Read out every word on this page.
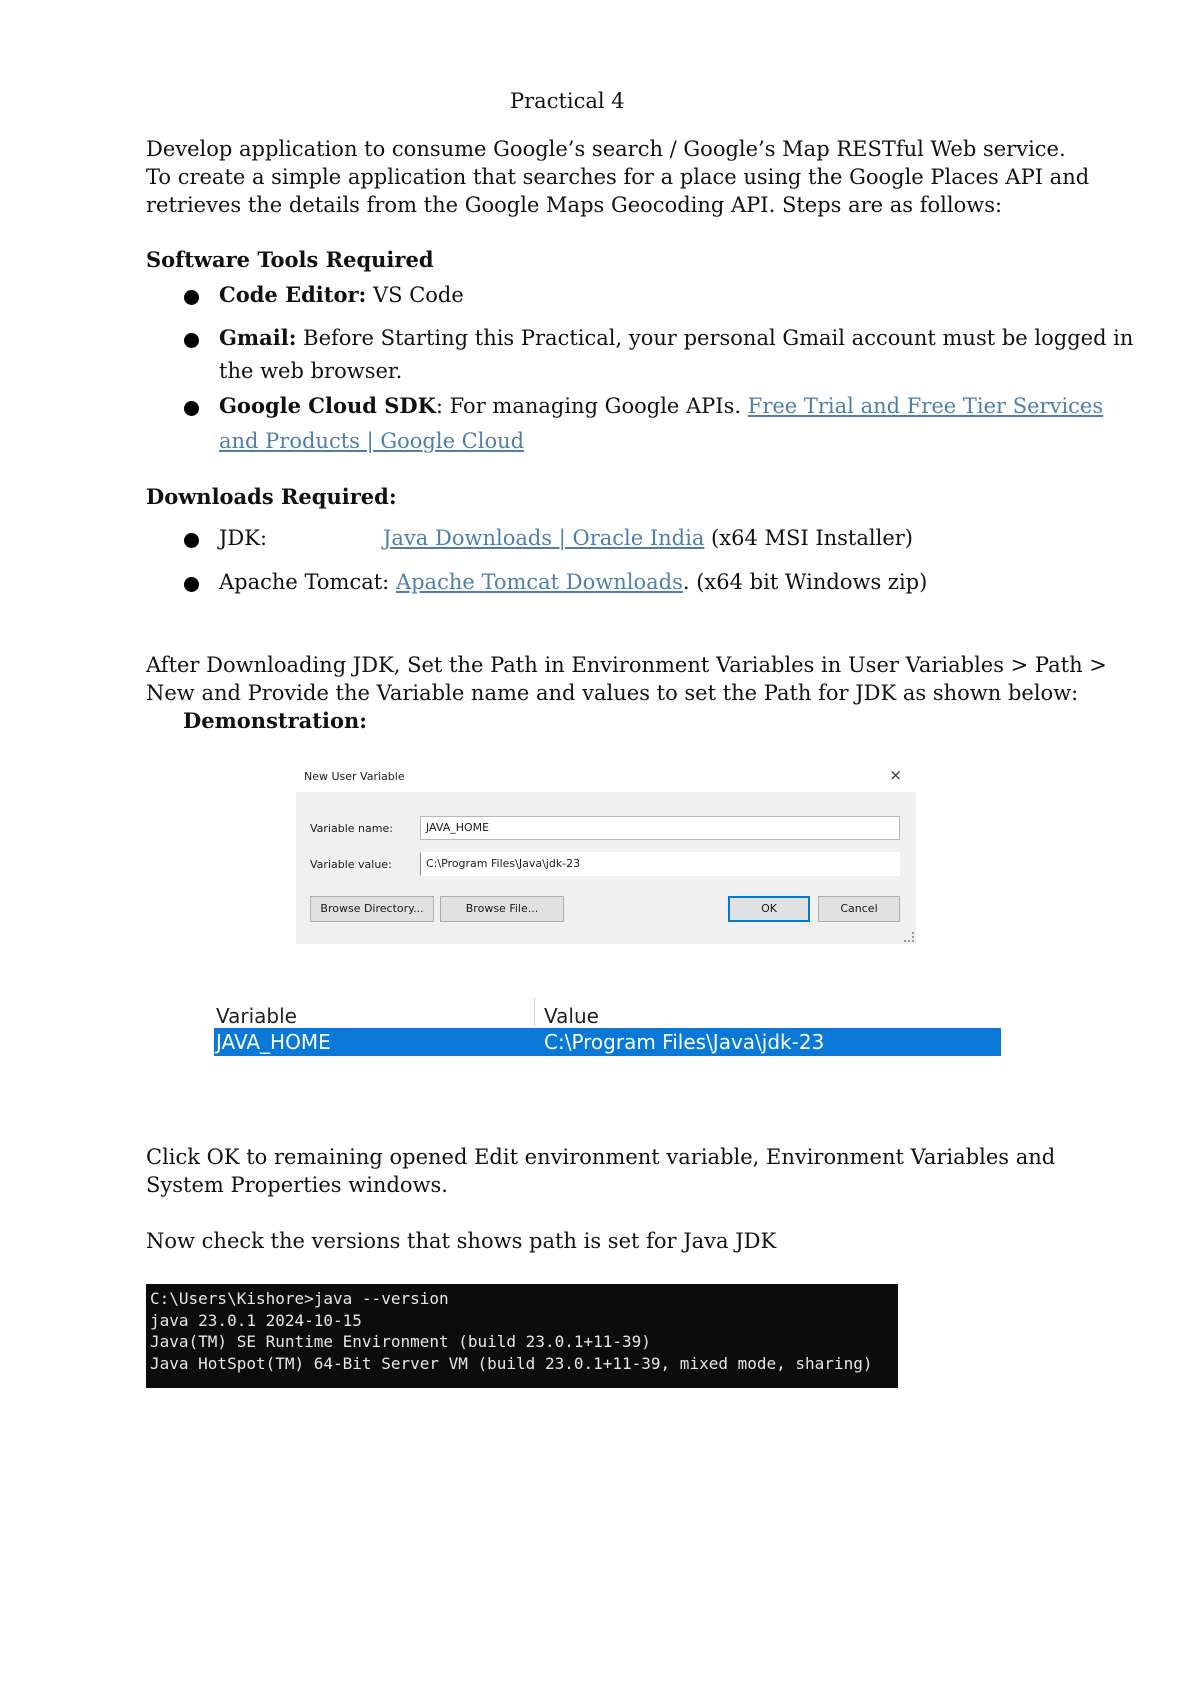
Practical 4
Develop application to consume Google’s search / Google’s Map RESTful Web service.
To create a simple application that searches for a place using the Google Places API and
retrieves the details from the Google Maps Geocoding API. Steps are as follows:
Software Tools Required
Code Editor: VS Code
Gmail: Before Starting this Practical, your personal Gmail account must be logged in
the web browser.
Google Cloud SDK: For managing Google APIs. Free Trial and Free Tier Services
and Products | Google Cloud
Downloads Required:
JDK:	Java Downloads | Oracle India (x64 MSI Installer)
Apache Tomcat: Apache Tomcat Downloads. (x64 bit Windows zip)
After Downloading JDK, Set the Path in Environment Variables in User Variables > Path >
New and Provide the Variable name and values to set the Path for JDK as shown below:
Demonstration:
New User Variable	×
Variable name:	JAVA_HOME
Variable value:	C:\Program Files\Java\jdk-23
Browse Directory...	Browse File...	OK	Cancel
Variable	Value
JAVA_HOME	C:\Program Files\Java\jdk-23
Click OK to remaining opened Edit environment variable, Environment Variables and
System Properties windows.
Now check the versions that shows path is set for Java JDK
C:\Users\Kishore>java --version
java 23.0.1 2024-10-15
Java(TM) SE Runtime Environment (build 23.0.1+11-39)
Java HotSpot(TM) 64-Bit Server VM (build 23.0.1+11-39, mixed mode, sharing)
